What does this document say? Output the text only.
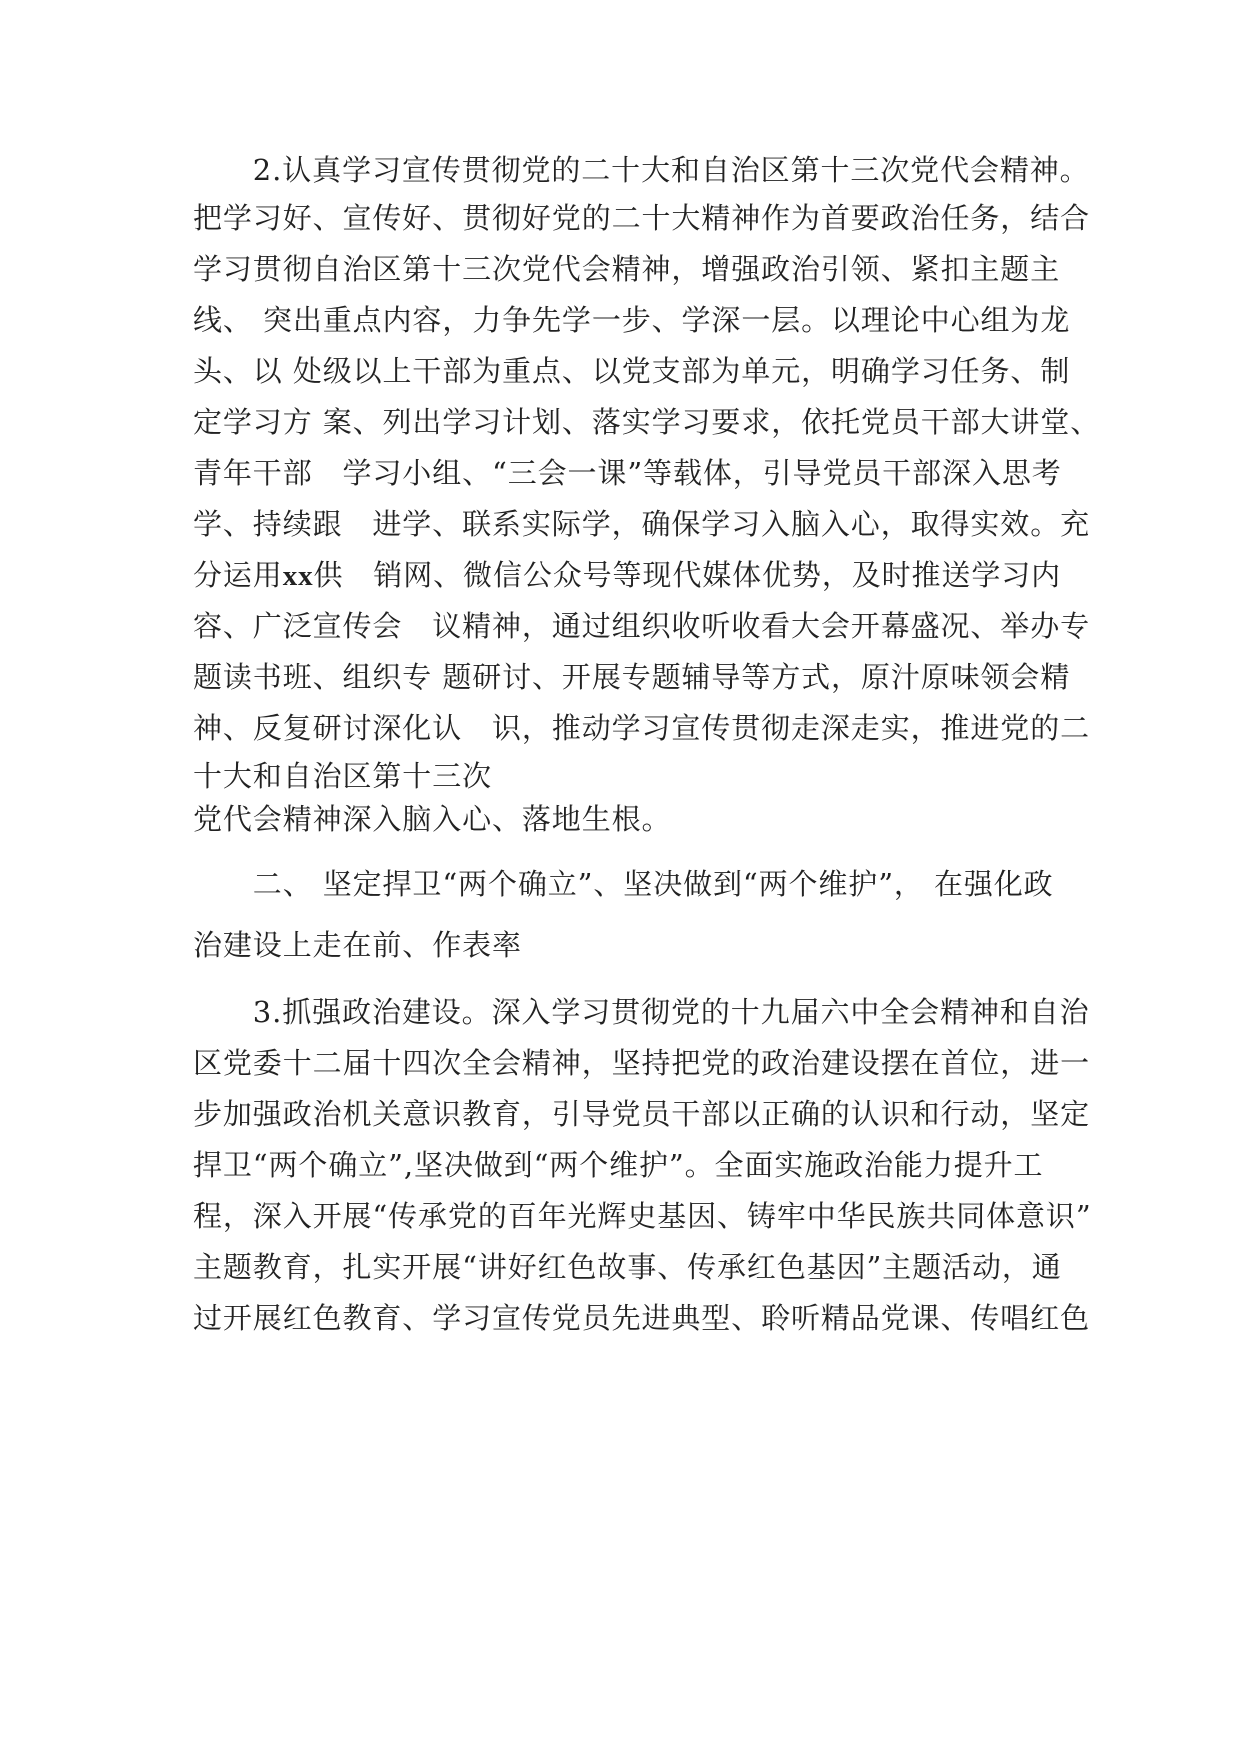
　　2.认真学习宣传贯彻党的二十大和自治区第十三次党代会精神。

把学习好、宣传好、贯彻好党的二十大精神作为首要政治任务，结合

学习贯彻自治区第十三次党代会精神，增强政治引领、紧扣主题主

线、 突出重点内容，力争先学一步、学深一层。以理论中心组为龙

头、以 处级以上干部为重点、以党支部为单元，明确学习任务、制

定学习方 案、列出学习计划、落实学习要求，依托党员干部大讲堂、

青年干部　学习小组、“三会一课”等载体，引导党员干部深入思考

学、持续跟　进学、联系实际学，确保学习入脑入心，取得实效。充

分运用xx供　销网、微信公众号等现代媒体优势，及时推送学习内

容、广泛宣传会　议精神，通过组织收听收看大会开幕盛况、举办专

题读书班、组织专 题研讨、开展专题辅导等方式，原汁原味领会精

神、反复研讨深化认　识，推动学习宣传贯彻走深走实，推进党的二

十大和自治区第十三次

党代会精神深入脑入心、落地生根。

　　二、 坚定捍卫“两个确立”、坚决做到“两个维护”， 在强化政

治建设上走在前、作表率

　　3.抓强政治建设。深入学习贯彻党的十九届六中全会精神和自治

区党委十二届十四次全会精神，坚持把党的政治建设摆在首位，进一

步加强政治机关意识教育，引导党员干部以正确的认识和行动，坚定

捍卫“两个确立”,坚决做到“两个维护”。全面实施政治能力提升工

程，深入开展“传承党的百年光辉史基因、铸牢中华民族共同体意识”

主题教育，扎实开展“讲好红色故事、传承红色基因”主题活动，通

过开展红色教育、学习宣传党员先进典型、聆听精品党课、传唱红色
